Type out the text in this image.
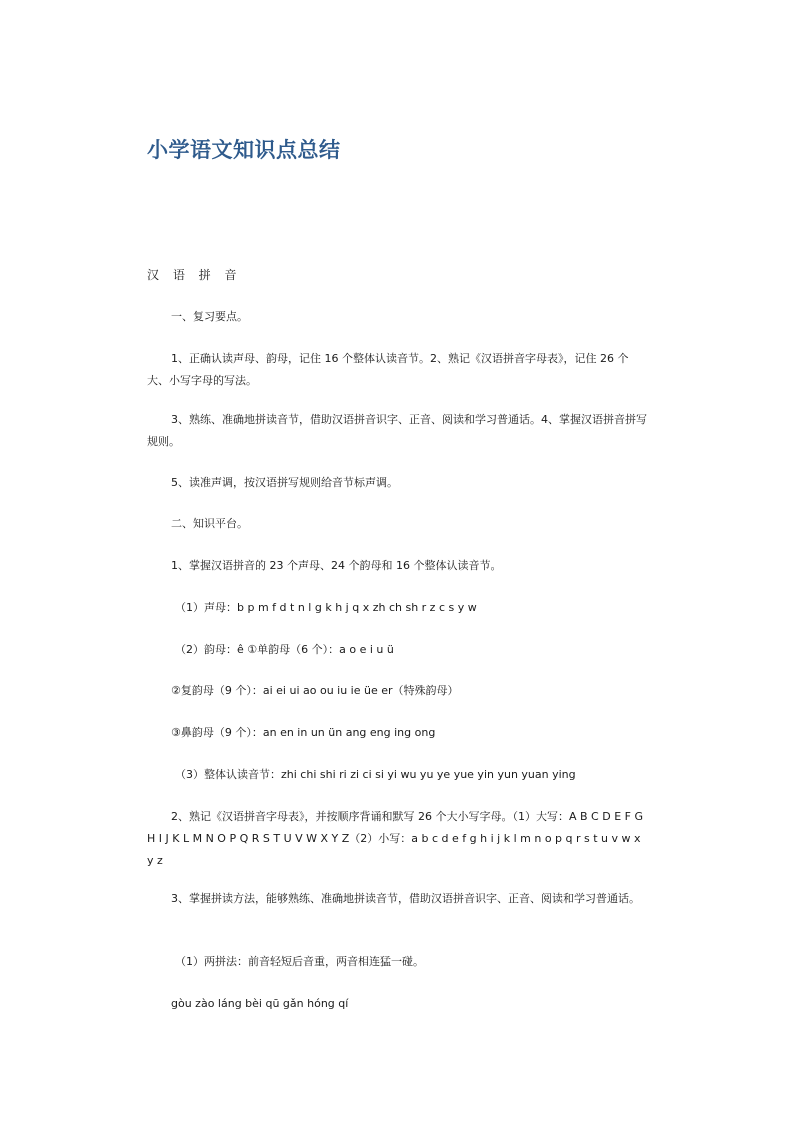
小学语文知识点总结
汉 语 拼 音

一、复习要点。

1、正确认读声母、韵母，记住 16 个整体认读音节。2、熟记《汉语拼音字母表》，记住 26 个大、小写字母的写法。

3、熟练、准确地拼读音节，借助汉语拼音识字、正音、阅读和学习普通话。4、掌握汉语拼音拼写规则。

5、读准声调，按汉语拼写规则给音节标声调。

二、知识平台。

1、掌握汉语拼音的 23 个声母、24 个韵母和 16 个整体认读音节。

（1）声母：b p m f d t n l g k h j q x zh ch sh r z c s y w

（2）韵母：ê ①单韵母（6 个）：a o e i u ü

②复韵母（9 个）：ai ei ui ao ou iu ie üe er（特殊韵母）

③鼻韵母（9 个）：an en in un ün ang eng ing ong

（3）整体认读音节：zhi chi shi ri zi ci si yi wu yu ye yue yin yun yuan ying

2、熟记《汉语拼音字母表》，并按顺序背诵和默写 26 个大小写字母。（1）大写：A B C D E F G H I J K L M N O P Q R S T U V W X Y Z（2）小写：a b c d e f g h i j k l m n o p q r s t u v w x y z

3、掌握拼读方法，能够熟练、准确地拼读音节，借助汉语拼音识字、正音、阅读和学习普通话。

（1）两拼法：前音轻短后音重，两音相连猛一碰。

gòu zào láng bèi qū gǎn hóng qí
